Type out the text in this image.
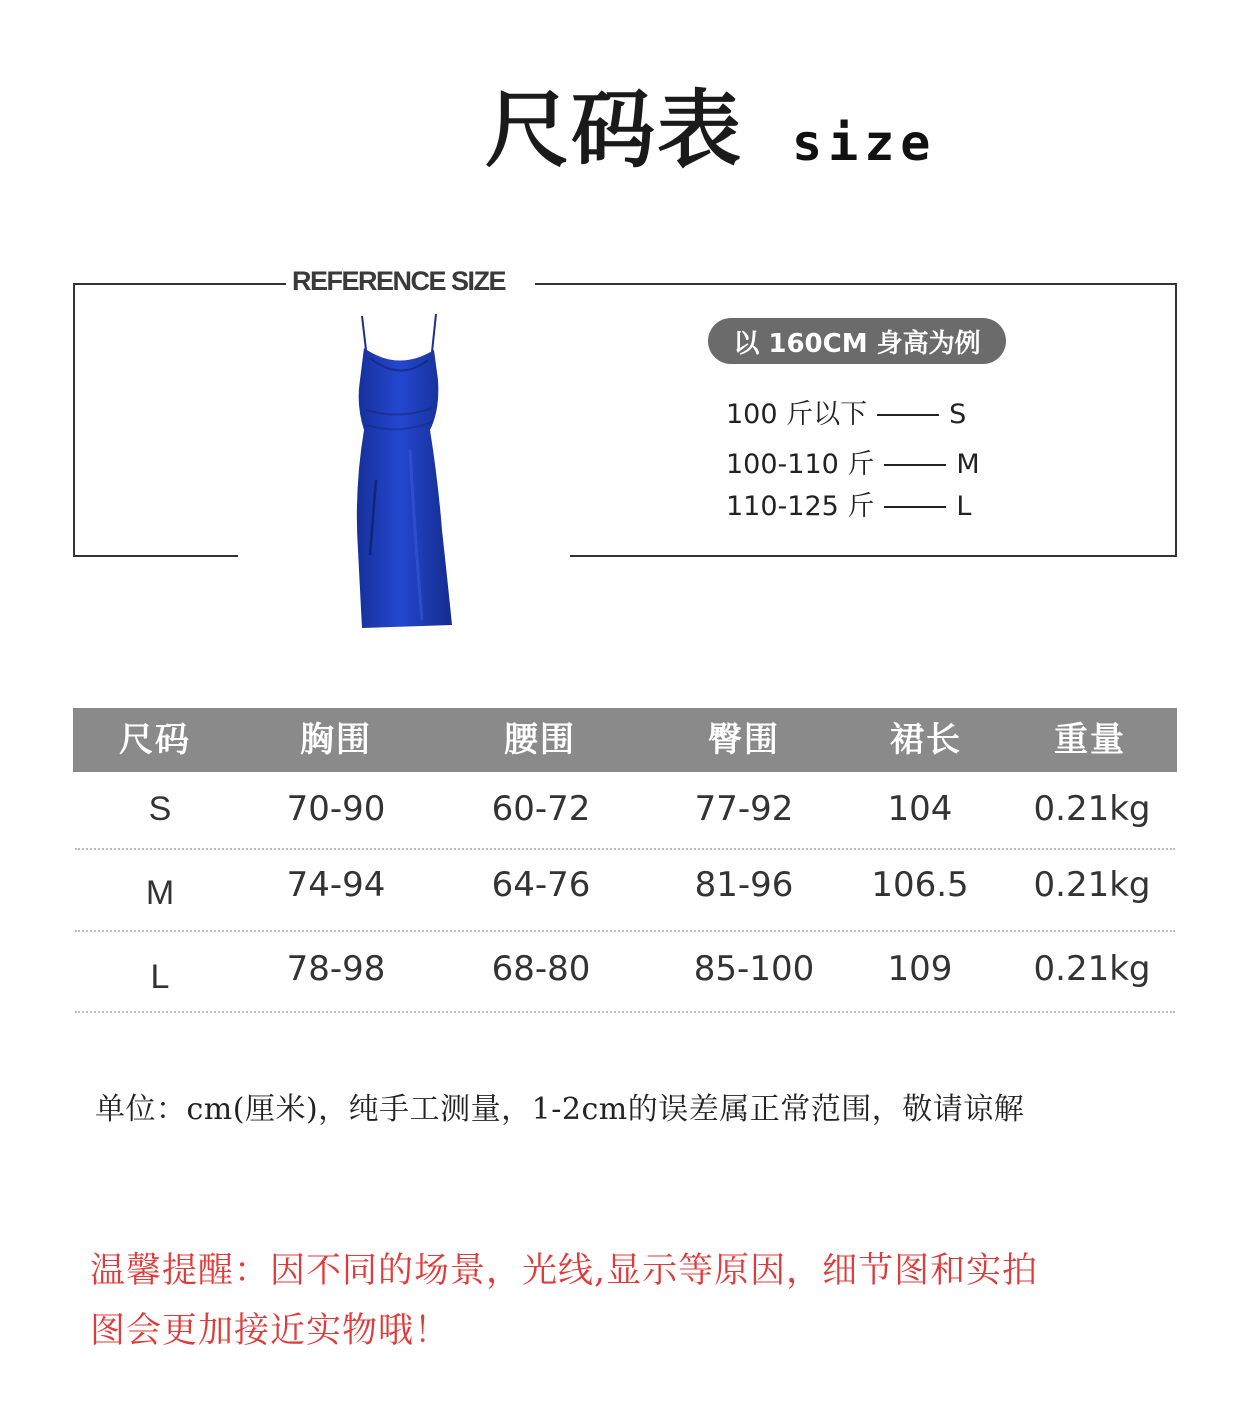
尺码表 size
REFERENCE SIZE
以 160CM 身高为例
100 斤以下	S
100-110 斤	M
110-125 斤	L
尺码	胸围	腰围	臀围	裙长	重量
S	70-90	60-72	77-92	104	0.21kg
M	74-94	64-76	81-96	106.5	0.21kg
L	78-98	68-80	85-100	109	0.21kg
单位：cm(厘米)，纯手工测量，1-2cm的误差属正常范围，敬请谅解
温馨提醒：因不同的场景，光线,显示等原因，细节图和实拍
图会更加接近实物哦！
